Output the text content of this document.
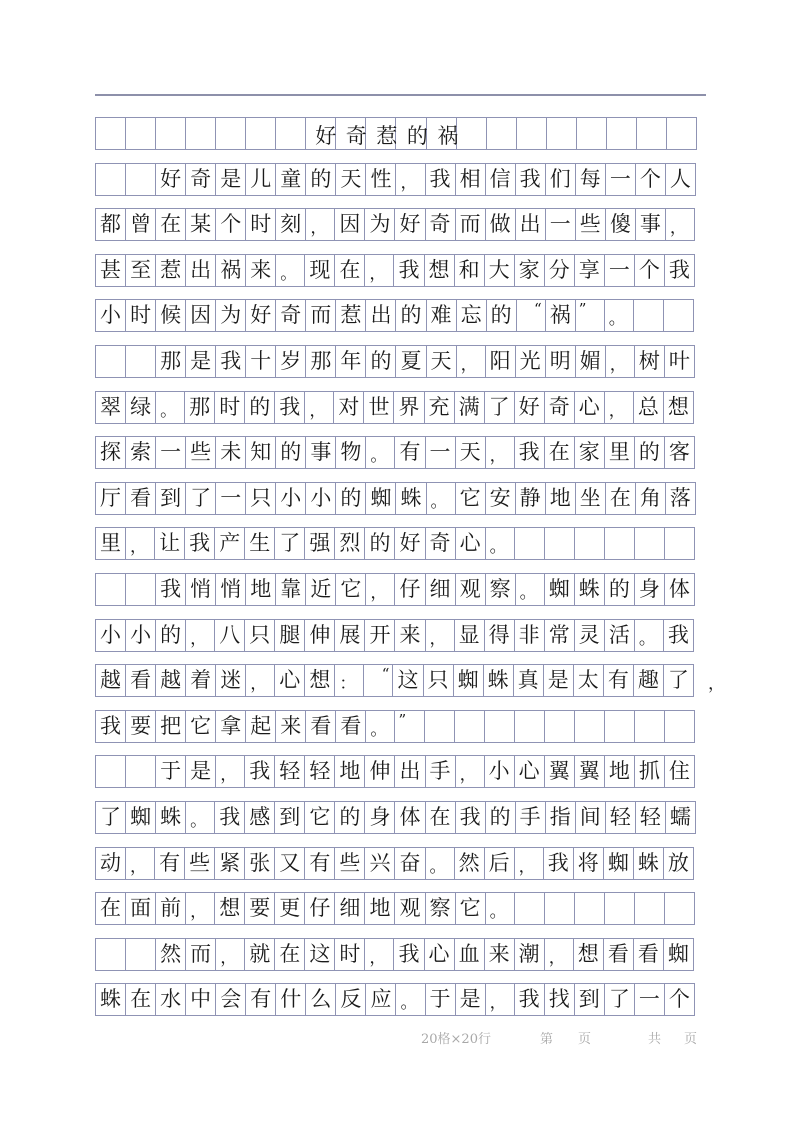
好奇惹的祸
好 奇 是 儿 童 的 天 性 ， 我 相 信 我 们 每 一 个 人
都 曾 在 某 个 时 刻 ， 因 为 好 奇 而 做 出 一 些 傻 事 ，
甚 至 惹 出 祸 来 。 现 在 ， 我 想 和 大 家 分 享 一 个 我
小 时 候 因 为 好 奇 而 惹 出 的 难 忘 的	“ 祸 ”	。
那 是 我 十 岁 那 年 的 夏 天 ， 阳 光 明 媚 ， 树 叶
翠 绿 。 那 时 的 我 ， 对 世 界 充 满 了 好 奇 心 ， 总 想
探 索 一 些 未 知 的 事 物 。 有 一 天 ， 我 在 家 里 的 客
厅 看 到 了 一 只 小 小 的 蜘 蛛 。 它 安 静 地 坐 在 角 落
里 ， 让 我 产 生 了 强 烈 的 好 奇 心 。
我 悄 悄 地 靠 近 它 ， 仔 细 观 察 。 蜘 蛛 的 身 体
小 小 的 ， 八 只 腿 伸 展 开 来 ， 显 得 非 常 灵 活 。 我
越 看 越 着 迷 ， 心 想 ：	“ 这 只 蜘 蛛 真 是 太 有 趣 了 ，
我 要 把 它 拿 起 来 看 看 。 ”
于 是 ， 我 轻 轻 地 伸 出 手 ， 小 心 翼 翼 地 抓 住
了 蜘 蛛 。 我 感 到 它 的 身 体 在 我 的 手 指 间 轻 轻 蠕
动 ， 有 些 紧 张 又 有 些 兴 奋 。 然 后 ， 我 将 蜘 蛛 放
在 面 前 ， 想 要 更 仔 细 地 观 察 它 。
然 而 ， 就 在 这 时 ， 我 心 血 来 潮 ， 想 看 看 蜘
蛛 在 水 中 会 有 什 么 反 应 。 于 是 ， 我 找 到 了 一 个
20格×20行	第 页	共 页
